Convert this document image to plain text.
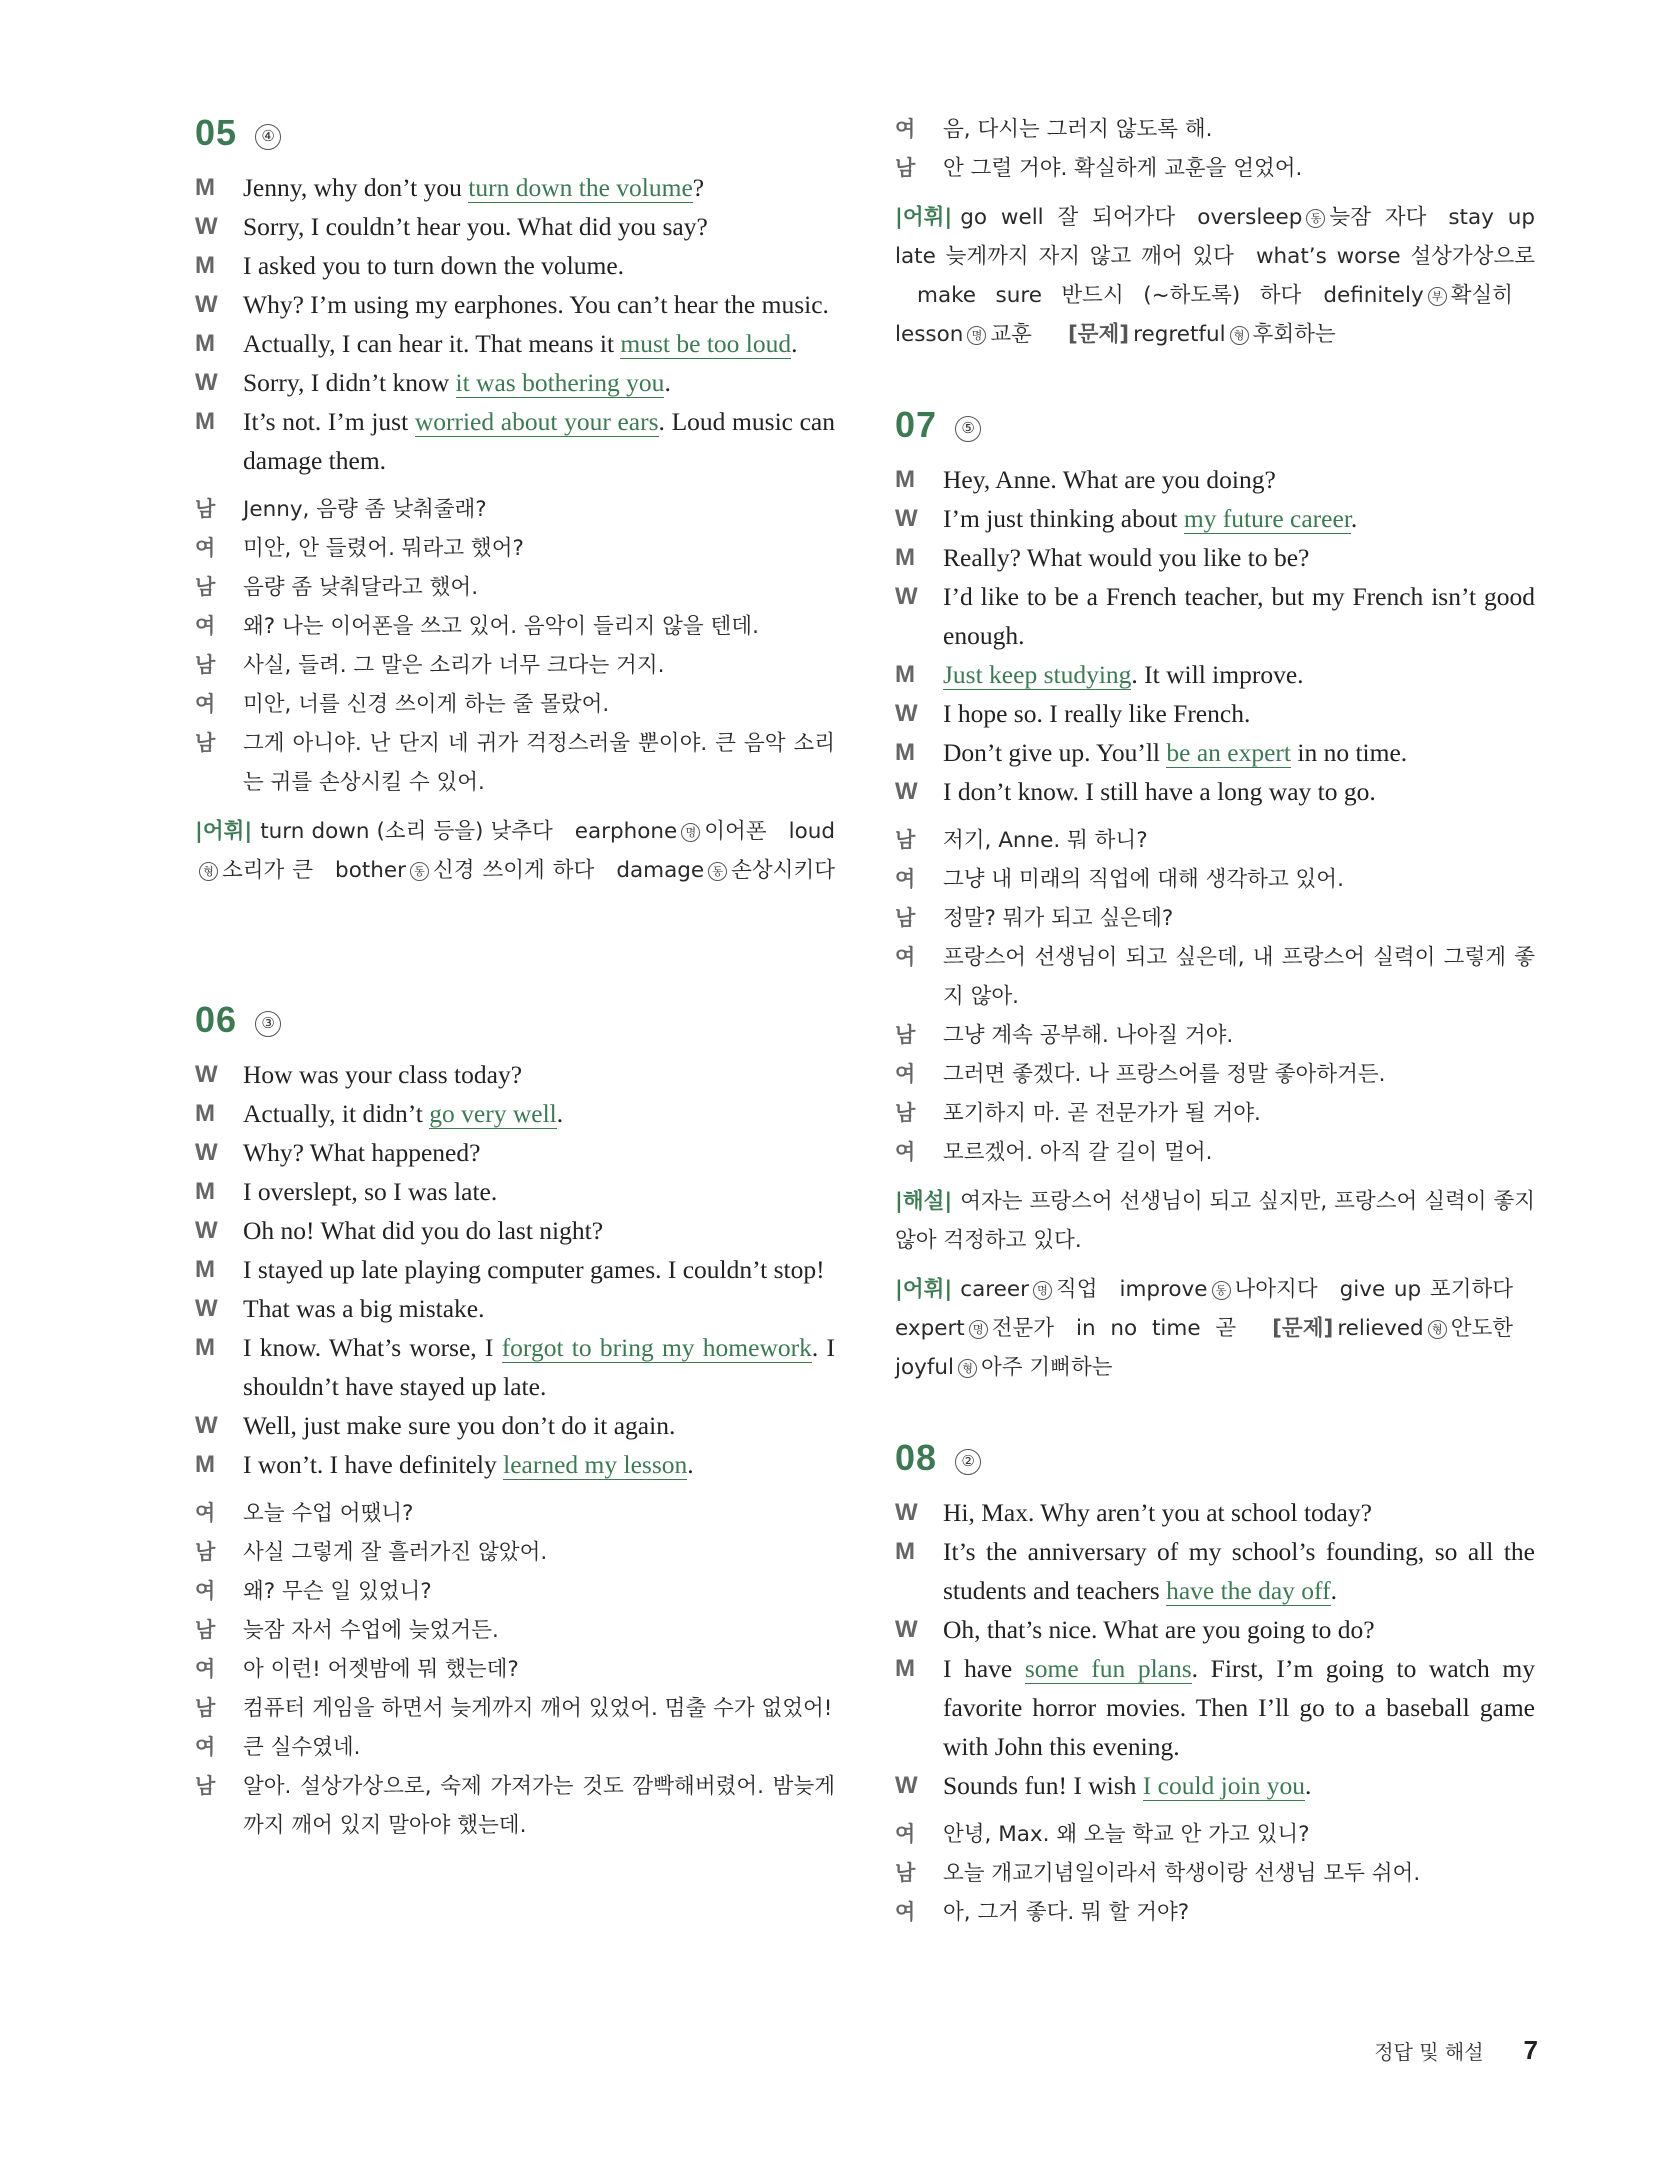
05	④
M	Jenny, why don’t you turn down the volume?
W Sorry, I couldn’t hear you. What did you say?
M	I asked you to turn down the volume.
W Why? I’m using my earphones. You can’t hear the music.
M	Actually, I can hear it. That means it must be too loud.
W Sorry, I didn’t know it was bothering you.
M	It’s not. I’m just worried about your ears. Loud music can damage them.
남	Jenny, 음량 좀 낮춰줄래?
여	미안, 안 들렸어. 뭐라고 했어?
남	음량 좀 낮춰달라고 했어.
여	왜? 나는 이어폰을 쓰고 있어. 음악이 들리지 않을 텐데.
남	사실, 들려. 그 말은 소리가 너무 크다는 거지.
여	미안, 너를 신경 쓰이게 하는 줄 몰랐어.
남	그게 아니야. 난 단지 네 귀가 걱정스러울 뿐이야. 큰 음악 소리는 귀를 손상시킬 수 있어.
|어휘| turn down (소리 등을) 낮추다 earphone 명 이어폰 loud형 소리가 큰 bother 동 신경 쓰이게 하다 damage 동 손상시키다
06	③
W How was your class today?
M	Actually, it didn’t go very well.
W Why? What happened?
M	I overslept, so I was late.
W Oh no! What did you do last night?
M	I stayed up late playing computer games. I couldn’t stop!
W That was a big mistake.
M	I know. What’s worse, I forgot to bring my homework. I shouldn’t have stayed up late.
W Well, just make sure you don’t do it again.
M	I won’t. I have definitely learned my lesson.
여	오늘 수업 어땠니?
남	사실 그렇게 잘 흘러가진 않았어.
여	왜? 무슨 일 있었니?
남	늦잠 자서 수업에 늦었거든.
여	아 이런! 어젯밤에 뭐 했는데?
남	컴퓨터 게임을 하면서 늦게까지 깨어 있었어. 멈출 수가 없었어!
여	큰 실수였네.
남	알아. 설상가상으로, 숙제 가져가는 것도 깜빡해버렸어. 밤늦게까지 깨어 있지 말아야 했는데.
여	음, 다시는 그러지 않도록 해.
남	안 그럴 거야. 확실하게 교훈을 얻었어.
|어휘| go well 잘 되어가다 oversleep 동 늦잠 자다 stay up late 늦게까지 자지 않고 깨어 있다 what’s worse 설상가상으로make sure 반드시 (~하도록) 하다 definitely 부 확실히lesson 명 교훈 [문제] regretful 형 후회하는
07	⑤
M	Hey, Anne. What are you doing?
W I’m just thinking about my future career.
M	Really? What would you like to be?
W I’d like to be a French teacher, but my French isn’t good enough.
M	Just keep studying. It will improve.
W I hope so. I really like French.
M	Don’t give up. You’ll be an expert in no time.
W I don’t know. I still have a long way to go.
남	저기, Anne. 뭐 하니?
여	그냥 내 미래의 직업에 대해 생각하고 있어.
남	정말? 뭐가 되고 싶은데?
여	프랑스어 선생님이 되고 싶은데, 내 프랑스어 실력이 그렇게 좋지 않아.
남	그냥 계속 공부해. 나아질 거야.
여	그러면 좋겠다. 나 프랑스어를 정말 좋아하거든.
남	포기하지 마. 곧 전문가가 될 거야.
여	모르겠어. 아직 갈 길이 멀어.
|해설| 여자는 프랑스어 선생님이 되고 싶지만, 프랑스어 실력이 좋지 않아 걱정하고 있다.
|어휘| career 명 직업 improve 동 나아지다 give up 포기하다expert 명 전문가 in no time 곧 [문제] relieved 형 안도한joyful 형 아주 기뻐하는
08	②
W Hi, Max. Why aren’t you at school today?
M	It’s the anniversary of my school’s founding, so all the students and teachers have the day off.
W Oh, that’s nice. What are you going to do?
M	I have some fun plans. First, I’m going to watch my favorite horror movies. Then I’ll go to a baseball game with John this evening.
W Sounds fun! I wish I could join you.
여	안녕, Max. 왜 오늘 학교 안 가고 있니?
남	오늘 개교기념일이라서 학생이랑 선생님 모두 쉬어.
여	아, 그거 좋다. 뭐 할 거야?
정답 및 해설 7
